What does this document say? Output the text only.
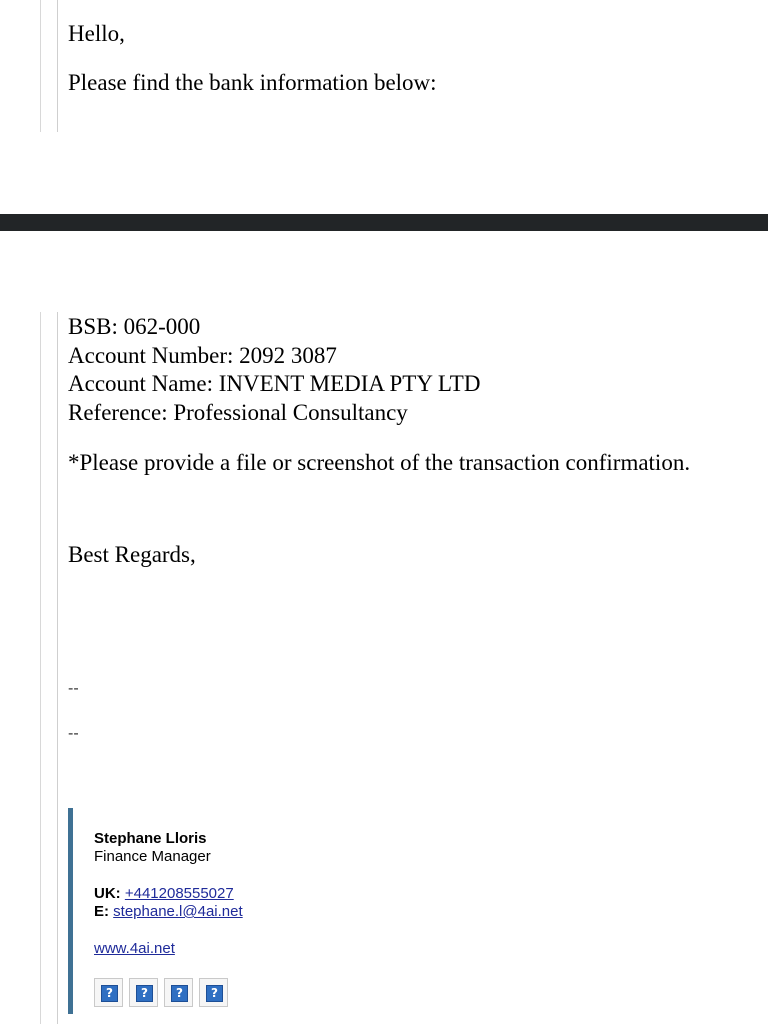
Hello,
Please find the bank information below:
BSB: 062-000
Account Number: 2092 3087
Account Name: INVENT MEDIA PTY LTD
Reference: Professional Consultancy
*Please provide a file or screenshot of the transaction confirmation.
Best Regards,
--
--
Stephane Lloris
Finance Manager
UK: +441208555027
E: stephane.l@4ai.net
www.4ai.net
?	?	?	?
